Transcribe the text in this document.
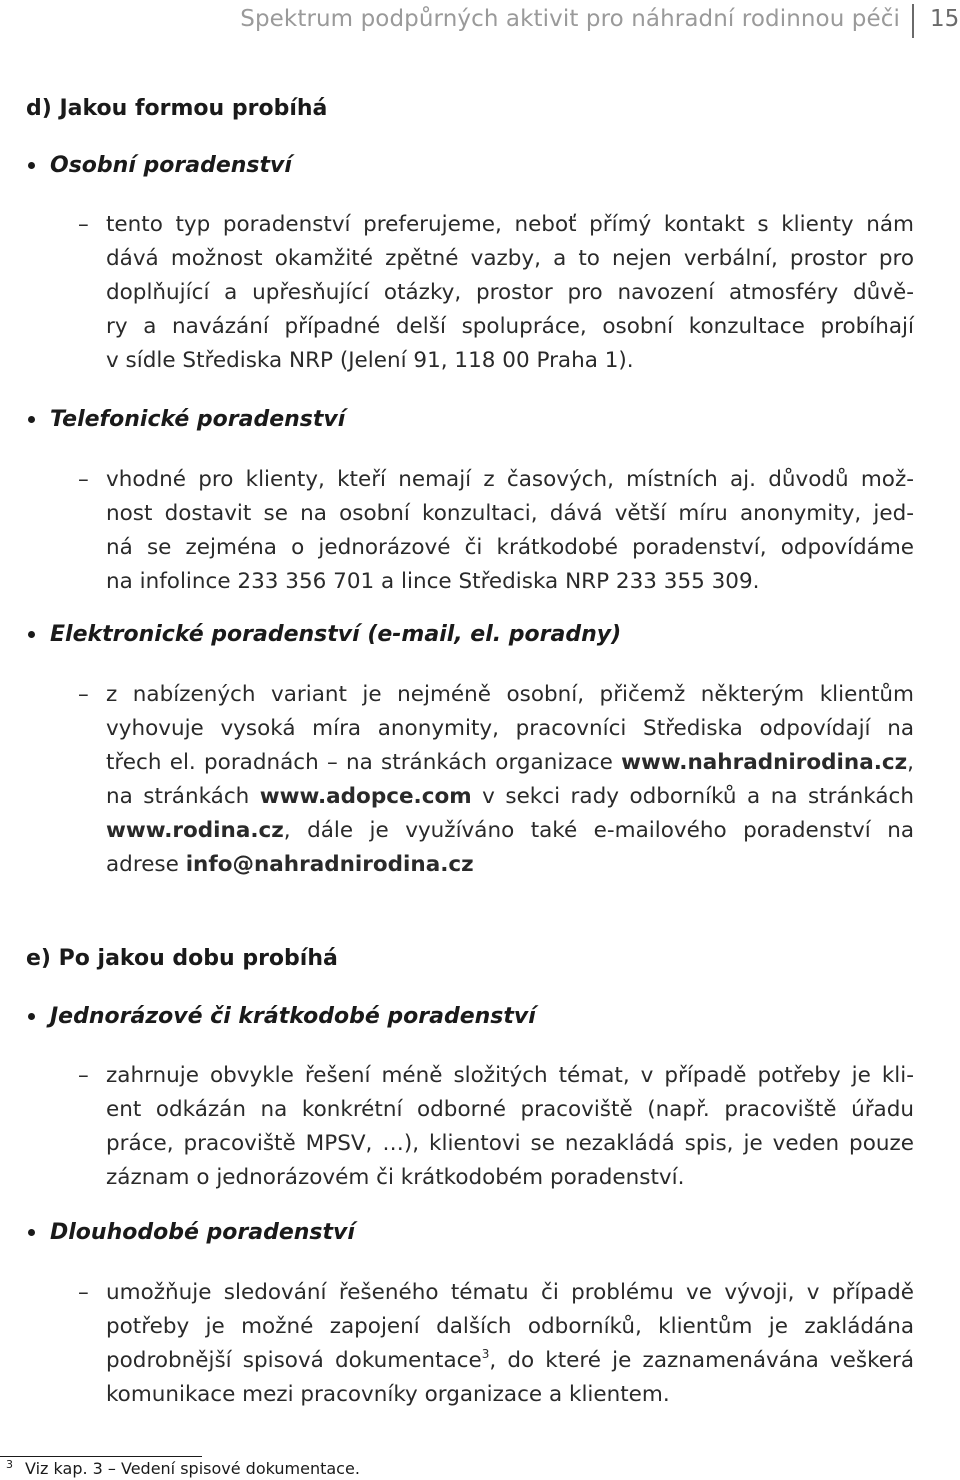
Spektrum podpůrných aktivit pro náhradní rodinnou péči 15
d) Jakou formou probíhá
Osobní poradenství
– tento typ poradenství preferujeme, neboť přímý kontakt s klienty nám
dává možnost okamžité zpětné vazby, a to nejen verbální, prostor pro
doplňující a upřesňující otázky, prostor pro navození atmosféry důvě-
ry a navázání případné delší spolupráce, osobní konzultace probíhají
v sídle Střediska NRP (Jelení 91, 118 00 Praha 1).
Telefonické poradenství
– vhodné pro klienty, kteří nemají z časových, místních aj. důvodů mož-
nost dostavit se na osobní konzultaci, dává větší míru anonymity, jed-
ná se zejména o jednorázové či krátkodobé poradenství, odpovídáme
na infolince 233 356 701 a lince Střediska NRP 233 355 309.
Elektronické poradenství (e-mail, el. poradny)
– z nabízených variant je nejméně osobní, přičemž některým klientům
vyhovuje vysoká míra anonymity, pracovníci Střediska odpovídají na
třech el. poradnách – na stránkách organizace www.nahradnirodina.cz,
na stránkách www.adopce.com v sekci rady odborníků a na stránkách
www.rodina.cz, dále je využíváno také e-mailového poradenství na
adrese info@nahradnirodina.cz
e) Po jakou dobu probíhá
Jednorázové či krátkodobé poradenství
– zahrnuje obvykle řešení méně složitých témat, v případě potřeby je kli-
ent odkázán na konkrétní odborné pracoviště (např. pracoviště úřadu
práce, pracoviště MPSV, …), klientovi se nezakládá spis, je veden pouze
záznam o jednorázovém či krátkodobém poradenství.
Dlouhodobé poradenství
– umožňuje sledování řešeného tématu či problému ve vývoji, v případě
potřeby je možné zapojení dalších odborníků, klientům je zakládána
podrobnější spisová dokumentace$^3$, do které je zaznamenávána veškerá
komunikace mezi pracovníky organizace a klientem.
$^3$ Viz kap. 3 – Vedení spisové dokumentace.
